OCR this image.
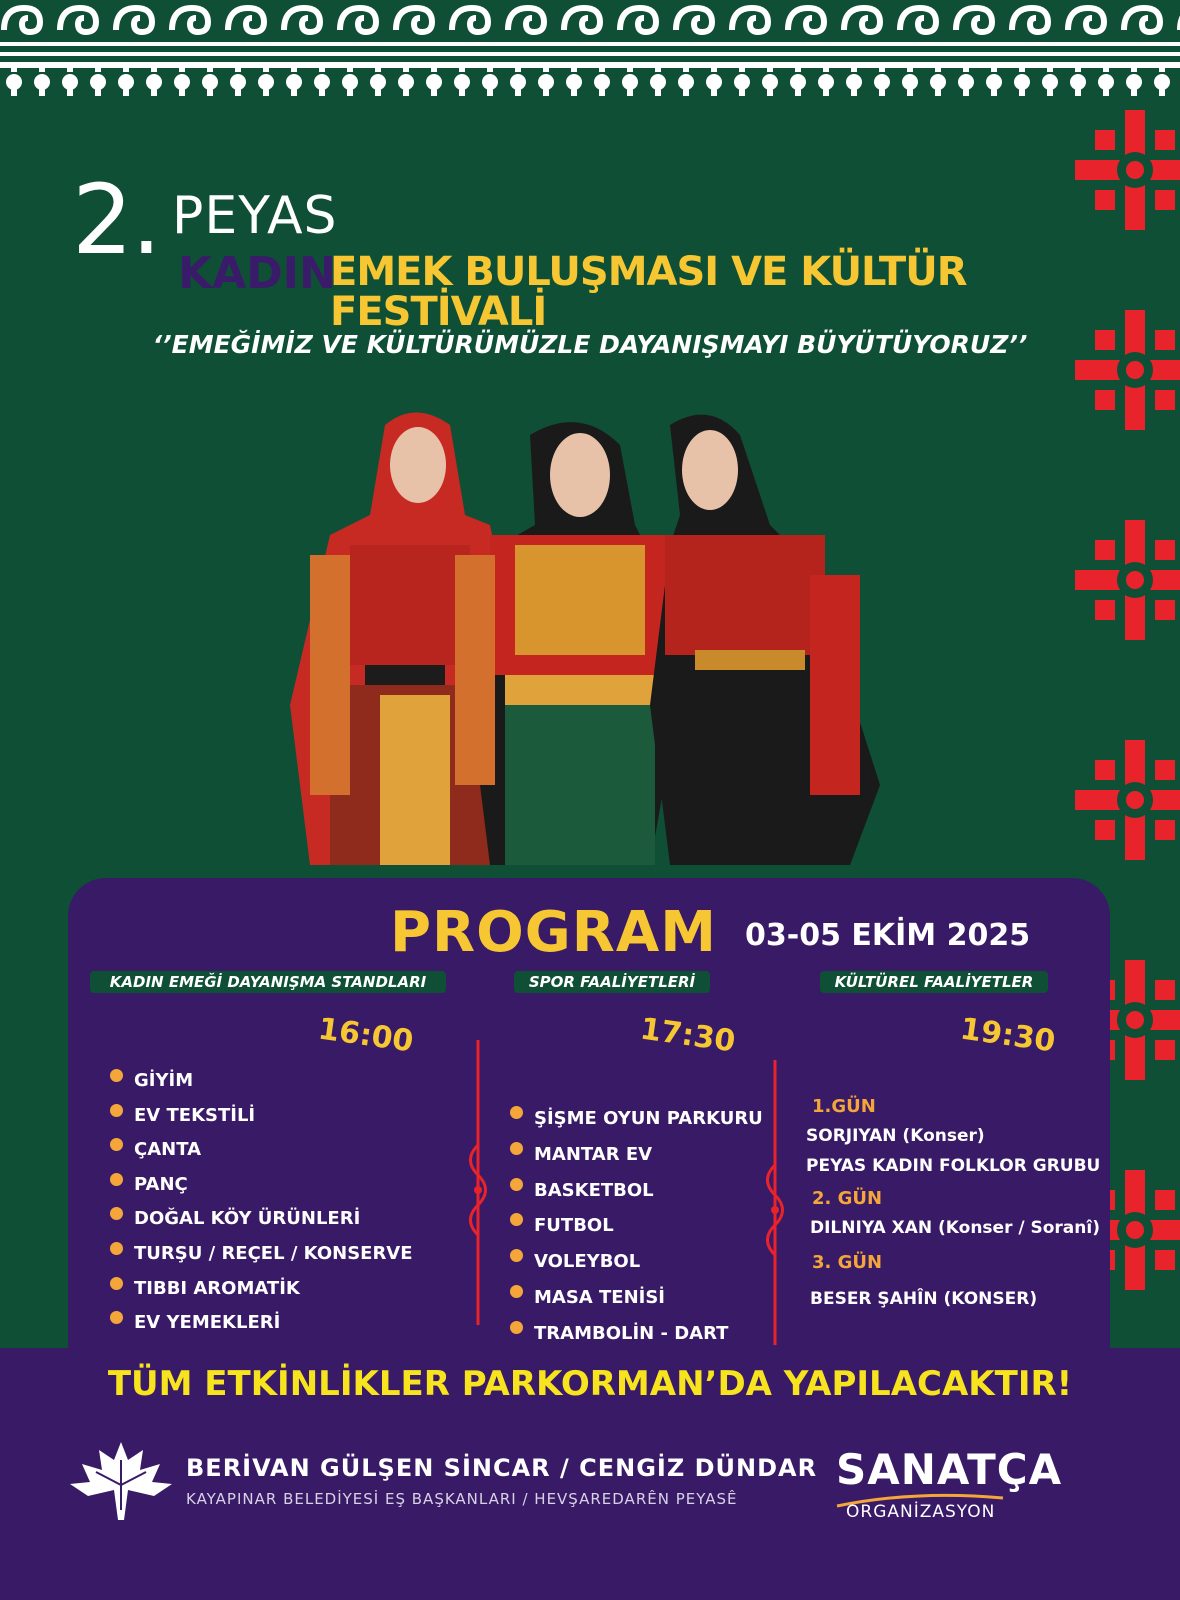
2. PEYAS
KADIN
EMEK BULUŞMASI VE KÜLTÜR FESTİVALİ
‘’EMEĞİMİZ VE KÜLTÜRÜMÜZLE DAYANIŞMAYI BÜYÜTÜYORUZ’’
PROGRAM 03-05 EKİM 2025
KADIN EMEĞİ DAYANIŞMA STANDLARI
16:00
GİYİM
EV TEKSTİLİ
ÇANTA
PANÇ
DOĞAL KÖY ÜRÜNLERİ
TURŞU / REÇEL / KONSERVE
TIBBI AROMATİK
EV YEMEKLERİ
SPOR FAALİYETLERİ
17:30
ŞİŞME OYUN PARKURU
MANTAR EV
BASKETBOL
FUTBOL
VOLEYBOL
MASA TENİSİ
TRAMBOLİN - DART
KÜLTÜREL FAALİYETLER
19:30
1.GÜN
SORJIYAN (Konser)
PEYAS KADIN FOLKLOR GRUBU
2. GÜN
DILNIYA XAN (Konser / Soranî)
3. GÜN
BESER ŞAHÎN (KONSER)
TÜM ETKİNLİKLER PARKORMAN’DA YAPILACAKTIR!
BERİVAN GÜLŞEN SİNCAR / CENGİZ DÜNDAR
KAYAPINAR BELEDİYESİ EŞ BAŞKANLARI / HEVŞAREDARÊN PEYASÊ
SANATÇA
ORGANİZASYON
